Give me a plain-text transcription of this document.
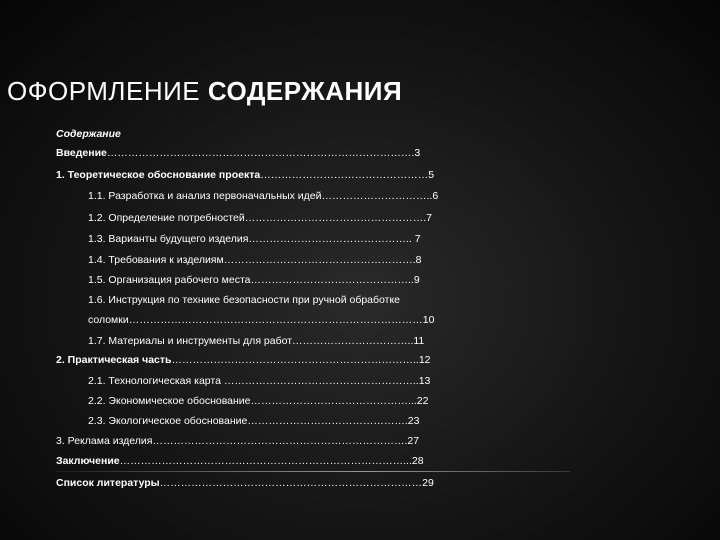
ОФОРМЛЕНИЕ СОДЕРЖАНИЯ
Содержание
Введение…………………………………………………………………………….3
1. Теоретическое обоснование проекта…………………………………………5
1.1. Разработка и анализ первоначальных идей…………………………..6
1.2. Определение потребностей…………………………………………….7
1.3. Варианты будущего изделия……………………………………….. 7
1.4. Требования к изделиям……………………………………………….8
1.5. Организация рабочего места………………………………………..9
1.6. Инструкция по технике безопасности при ручной обработке
соломки…………………………………………………………………………10
1.7. Материалы и инструменты для работ……………………………..11
2. Практическая часть……………………………………………………………..12
2.1. Технологическая карта ………………………………………………..13
2.2. Экономическое обоснование………………………………………...22
2.3. Экологическое обоснование……………………………………….23
3. Реклама изделия……………………………………………………………….27
Заключение………………………………………………………………………...28
Список литературы…………………………………………………………………29
